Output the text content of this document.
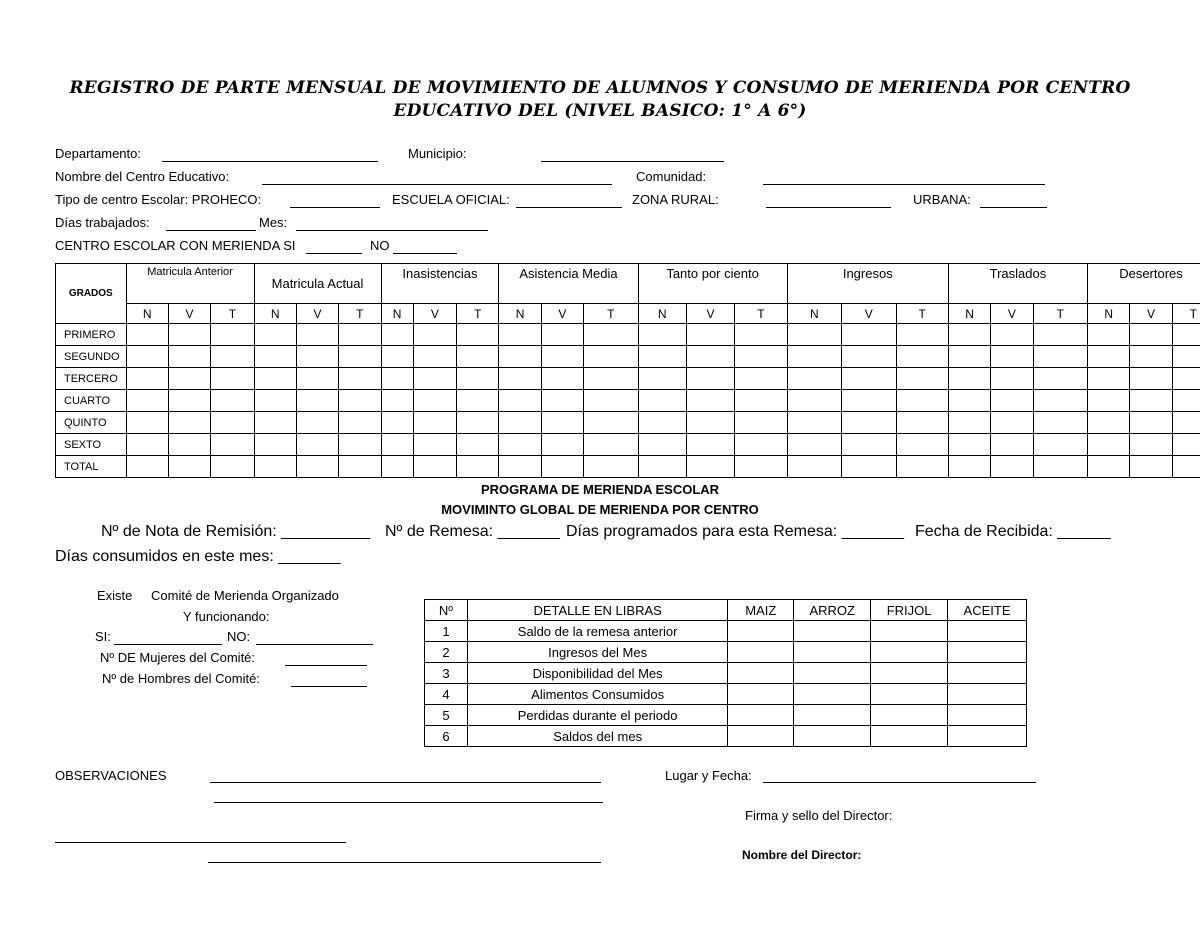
REGISTRO DE PARTE MENSUAL DE MOVIMIENTO DE ALUMNOS Y CONSUMO DE MERIENDA POR CENTRO
EDUCATIVO DEL (NIVEL BASICO: 1° A 6°)
Departamento:	Municipio:
Nombre del Centro Educativo:	Comunidad:
Tipo de centro Escolar: PROHECO:	ESCUELA OFICIAL:	ZONA RURAL:	URBANA:
Días trabajados:	Mes:
CENTRO ESCOLAR CON MERIENDA SI	NO
GRADOS	Matricula Anterior			Matricula Actual			Inasistencias			Asistencia Media			Tanto por ciento			Ingresos			Traslados			Desertores		
	N	V	T	N	V	T	N	V	T	N	V	T	N	V	T	N	V	T	N	V	T	N	V	T
PRIMERO																								
SEGUNDO																								
TERCERO																								
CUARTO																								
QUINTO																								
SEXTO																								
TOTAL																								
PROGRAMA DE MERIENDA ESCOLAR
MOVIMINTO GLOBAL DE MERIENDA POR CENTRO
Nº de Nota de Remisión: __________ Nº de Remesa: _______ Días programados para esta Remesa: _______ Fecha de Recibida: ______
Días consumidos en este mes: _______
Existe Comité de Merienda Organizado
Y funcionando:
SI:	NO:
Nº DE Mujeres del Comité:
Nº de Hombres del Comité:
Nº	DETALLE EN LIBRAS	MAIZ	ARROZ	FRIJOL	ACEITE
1	Saldo de la remesa anterior				
2	Ingresos del Mes				
3	Disponibilidad del Mes				
4	Alimentos Consumidos				
5	Perdidas durante el periodo				
6	Saldos del mes				
OBSERVACIONES	Lugar y Fecha:
Firma y sello del Director:
Nombre del Director:
